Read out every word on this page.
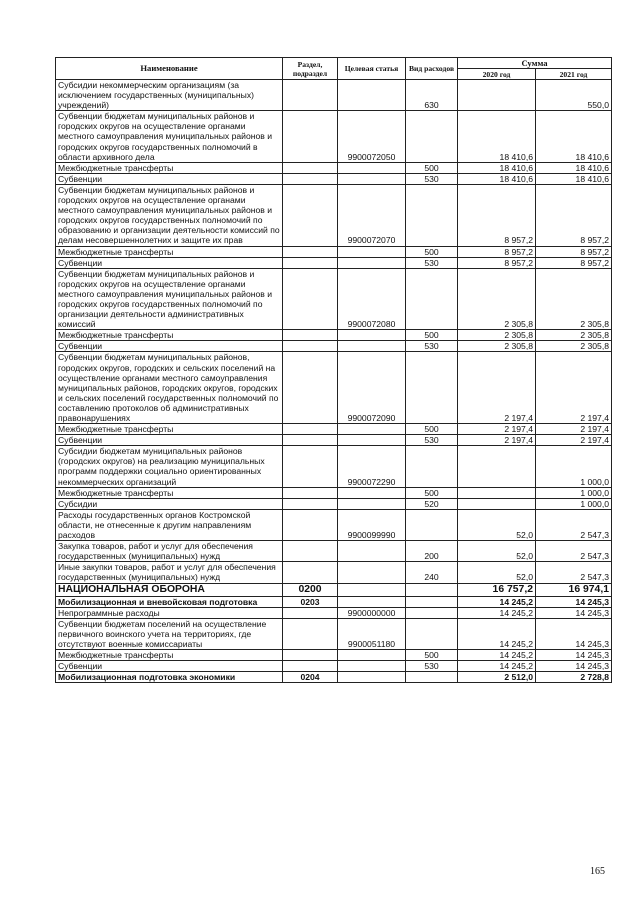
Наименование	Раздел, подраздел	Целевая статья	Вид расходов	Сумма	
				2020 год	2021 год
Субсидии некоммерческим организациям (за исключением государственных (муниципальных) учреждений)			630		550,0
Субвенции бюджетам муниципальных районов и городских округов на осуществление органами местного самоуправления муниципальных районов и городских округов государственных полномочий в области архивного дела		9900072050		18 410,6	18 410,6
Межбюджетные трансферты			500	18 410,6	18 410,6
Субвенции			530	18 410,6	18 410,6
Субвенции бюджетам муниципальных районов и городских округов на осуществление органами местного самоуправления муниципальных районов и городских округов государственных полномочий по образованию и организации деятельности комиссий по делам несовершеннолетних и защите их прав		9900072070		8 957,2	8 957,2
Межбюджетные трансферты			500	8 957,2	8 957,2
Субвенции			530	8 957,2	8 957,2
Субвенции бюджетам муниципальных районов и городских округов на осуществление органами местного самоуправления муниципальных районов и городских округов государственных полномочий по организации деятельности административных комиссий		9900072080		2 305,8	2 305,8
Межбюджетные трансферты			500	2 305,8	2 305,8
Субвенции			530	2 305,8	2 305,8
Субвенции бюджетам муниципальных районов, городских округов, городских и сельских поселений на осуществление органами местного самоуправления муниципальных районов, городских округов, городских и сельских поселений государственных полномочий по составлению протоколов об административных правонарушениях		9900072090		2 197,4	2 197,4
Межбюджетные трансферты			500	2 197,4	2 197,4
Субвенции			530	2 197,4	2 197,4
Субсидии бюджетам муниципальных районов (городских округов) на реализацию муниципальных программ поддержки социально ориентированных некоммерческих организаций		9900072290			1 000,0
Межбюджетные трансферты			500		1 000,0
Субсидии			520		1 000,0
Расходы государственных органов Костромской области, не отнесенные к другим направлениям расходов		9900099990		52,0	2 547,3
Закупка товаров, работ и услуг для обеспечения государственных (муниципальных) нужд			200	52,0	2 547,3
Иные закупки товаров, работ и услуг для обеспечения государственных (муниципальных) нужд			240	52,0	2 547,3
НАЦИОНАЛЬНАЯ ОБОРОНА	0200			16 757,2	16 974,1
Мобилизационная и вневойсковая подготовка	0203			14 245,2	14 245,3
Непрограммные расходы		9900000000		14 245,2	14 245,3
Субвенции бюджетам поселений на осуществление первичного воинского учета на территориях, где отсутствуют военные комиссариаты		9900051180		14 245,2	14 245,3
Межбюджетные трансферты			500	14 245,2	14 245,3
Субвенции			530	14 245,2	14 245,3
Мобилизационная подготовка экономики	0204			2 512,0	2 728,8
165
